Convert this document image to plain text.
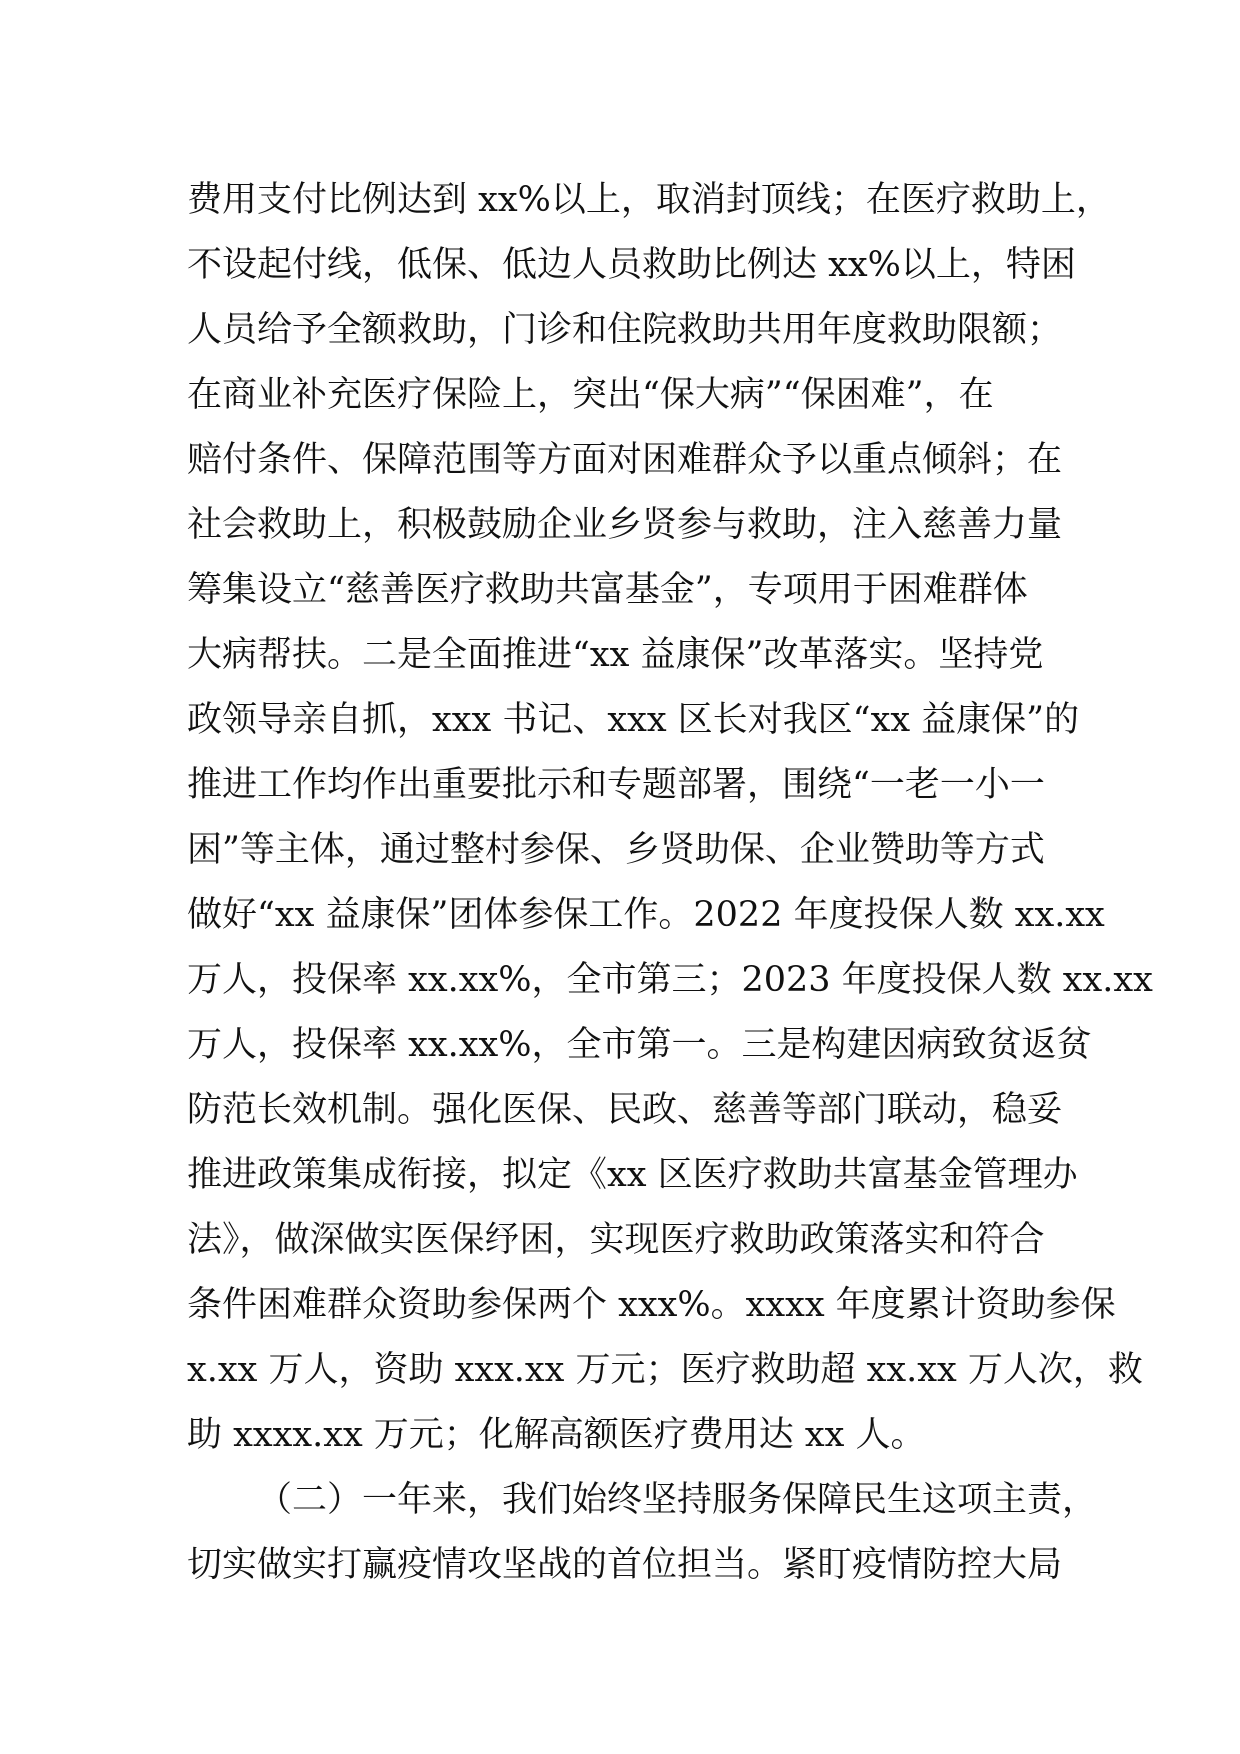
费用支付比例达到 xx%以上，取消封顶线；在医疗救助上，
不设起付线，低保、低边人员救助比例达 xx%以上，特困
人员给予全额救助，门诊和住院救助共用年度救助限额；
在商业补充医疗保险上，突出“保大病”“保困难”，在
赔付条件、保障范围等方面对困难群众予以重点倾斜；在
社会救助上，积极鼓励企业乡贤参与救助，注入慈善力量
筹集设立“慈善医疗救助共富基金”，专项用于困难群体
大病帮扶。二是全面推进“xx 益康保”改革落实。坚持党
政领导亲自抓，xxx 书记、xxx 区长对我区“xx 益康保”的
推进工作均作出重要批示和专题部署，围绕“一老一小一
困”等主体，通过整村参保、乡贤助保、企业赞助等方式
做好“xx 益康保”团体参保工作。2022 年度投保人数 xx.xx
万人，投保率 xx.xx%，全市第三；2023 年度投保人数 xx.xx
万人，投保率 xx.xx%，全市第一。三是构建因病致贫返贫
防范长效机制。强化医保、民政、慈善等部门联动，稳妥
推进政策集成衔接，拟定《xx 区医疗救助共富基金管理办
法》，做深做实医保纾困，实现医疗救助政策落实和符合
条件困难群众资助参保两个 xxx%。xxxx 年度累计资助参保
x.xx 万人，资助 xxx.xx 万元；医疗救助超 xx.xx 万人次，救
助 xxxx.xx 万元；化解高额医疗费用达 xx 人。
（二）一年来，我们始终坚持服务保障民生这项主责，
切实做实打赢疫情攻坚战的首位担当。紧盯疫情防控大局
